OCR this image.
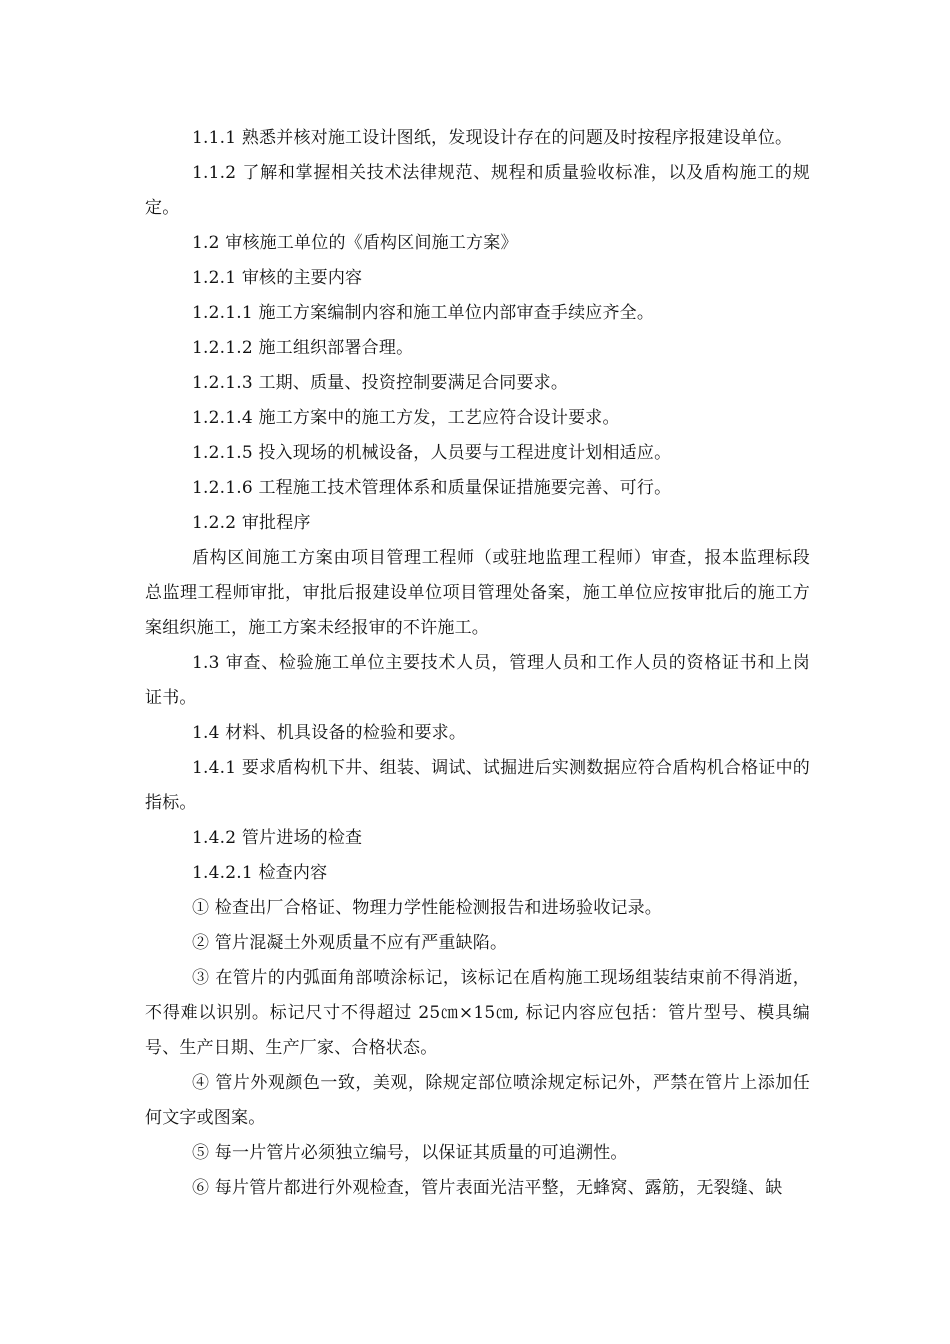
1.1.1 熟悉并核对施工设计图纸，发现设计存在的问题及时按程序报建设单位。

1.1.2 了解和掌握相关技术法律规范、规程和质量验收标准，以及盾构施工的规定。

1.2 审核施工单位的《盾构区间施工方案》

1.2.1 审核的主要内容

1.2.1.1 施工方案编制内容和施工单位内部审查手续应齐全。

1.2.1.2 施工组织部署合理。

1.2.1.3 工期、质量、投资控制要满足合同要求。

1.2.1.4 施工方案中的施工方发，工艺应符合设计要求。

1.2.1.5 投入现场的机械设备，人员要与工程进度计划相适应。

1.2.1.6 工程施工技术管理体系和质量保证措施要完善、可行。

1.2.2 审批程序

盾构区间施工方案由项目管理工程师（或驻地监理工程师）审查，报本监理标段总监理工程师审批，审批后报建设单位项目管理处备案，施工单位应按审批后的施工方案组织施工，施工方案未经报审的不许施工。

1.3 审查、检验施工单位主要技术人员，管理人员和工作人员的资格证书和上岗证书。

1.4 材料、机具设备的检验和要求。

1.4.1 要求盾构机下井、组装、调试、试掘进后实测数据应符合盾构机合格证中的指标。

1.4.2 管片进场的检查

1.4.2.1 检查内容

① 检查出厂合格证、物理力学性能检测报告和进场验收记录。

② 管片混凝土外观质量不应有严重缺陷。

③ 在管片的内弧面角部喷涂标记，该标记在盾构施工现场组装结束前不得消逝，不得难以识别。标记尺寸不得超过 25㎝×15㎝, 标记内容应包括：管片型号、模具编号、生产日期、生产厂家、合格状态。

④ 管片外观颜色一致，美观，除规定部位喷涂规定标记外，严禁在管片上添加任何文字或图案。

⑤ 每一片管片必须独立编号，以保证其质量的可追溯性。

⑥ 每片管片都进行外观检查，管片表面光洁平整，无蜂窝、露筋，无裂缝、缺
